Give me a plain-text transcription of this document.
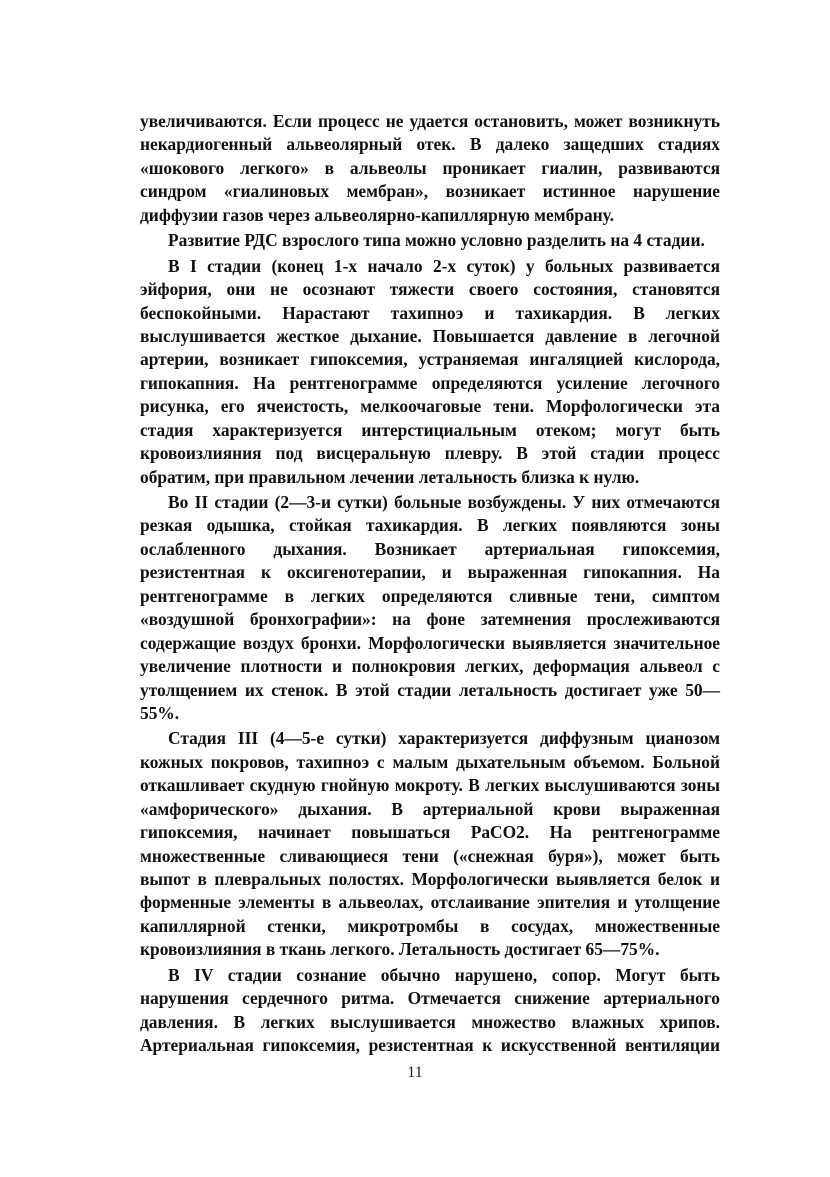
увеличиваются. Если процесс не удается остановить, может возникнуть
некардиогенный альвеолярный отек. В далеко защедших стадиях
«шокового легкого» в альвеолы проникает гиалин, развиваются
синдром «гиалиновых мембран», возникает истинное нарушение
диффузии газов через альвеолярно-капиллярную мембрану.
Развитие РДС взрослого типа можно условно разделить на 4 стадии.
В I стадии (конец 1-х начало 2-х суток) у больных развивается
эйфория, они не осознают тяжести своего состояния, становятся
беспокойными. Нарастают тахипноэ и тахикардия. В легких
выслушивается жесткое дыхание. Повышается давление в легочной
артерии, возникает гипоксемия, устраняемая ингаляцией кислорода,
гипокапния. На рентгенограмме определяются усиление легочного
рисунка, его ячеистость, мелкоочаговые тени. Морфологически эта
стадия характеризуется интерстициальным отеком; могут быть
кровоизлияния под висцеральную плевру. В этой стадии процесс
обратим, при правильном лечении летальность близка к нулю.
Во II стадии (2—3-и сутки) больные возбуждены. У них отмечаются
резкая одышка, стойкая тахикардия. В легких появляются зоны
ослабленного дыхания. Возникает артериальная гипоксемия,
резистентная к оксигенотерапии, и выраженная гипокапния. На
рентгенограмме в легких определяются сливные тени, симптом
«воздушной бронхографии»: на фоне затемнения прослеживаются
содержащие воздух бронхи. Морфологически выявляется значительное
увеличение плотности и полнокровия легких, деформация альвеол с
утолщением их стенок. В этой стадии летальность достигает уже 50—
55%.
Стадия III (4—5-е сутки) характеризуется диффузным цианозом
кожных покровов, тахипноэ с малым дыхательным объемом. Больной
откашливает скудную гнойную мокроту. В легких выслушиваются зоны
«амфорического» дыхания. В артериальной крови выраженная
гипоксемия, начинает повышаться РаСО2. На рентгенограмме
множественные сливающиеся тени («снежная буря»), может быть
выпот в плевральных полостях. Морфологически выявляется белок и
форменные элементы в альвеолах, отслаивание эпителия и утолщение
капиллярной стенки, микротромбы в сосудах, множественные
кровоизлияния в ткань легкого. Летальность достигает 65—75%.
В IV стадии сознание обычно нарушено, сопор. Могут быть
нарушения сердечного ритма. Отмечается снижение артериального
давления. В легких выслушивается множество влажных хрипов.
Артериальная гипоксемия, резистентная к искусственной вентиляции
11
